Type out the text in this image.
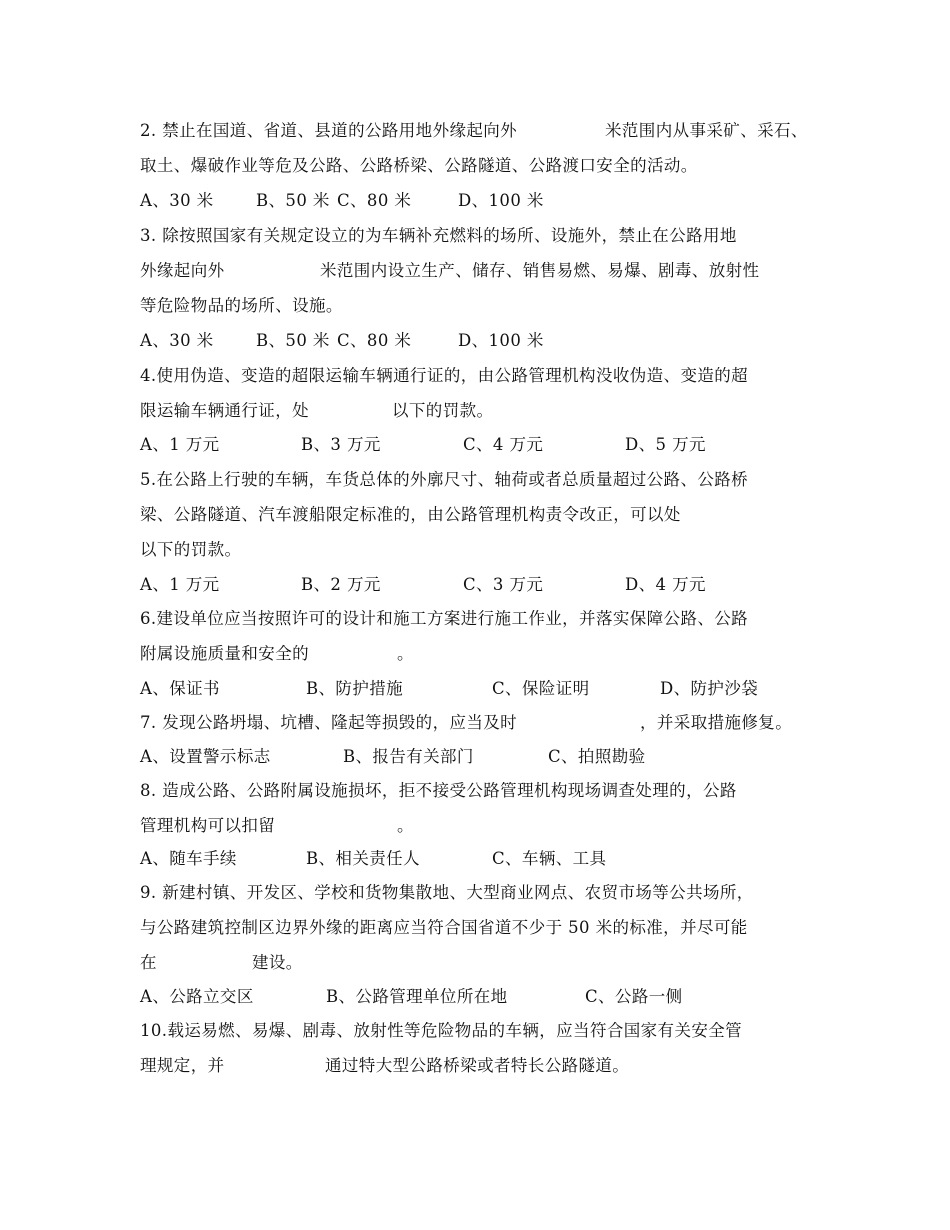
2. 禁止在国道、省道、县道的公路用地外缘起向外

	米范围内从事采矿、采石、

取土、爆破作业等危及公路、公路桥梁、公路隧道、公路渡口安全的活动。

A、30 米

	B、50 米

C、80 米

	D、100 米

3. 除按照国家有关规定设立的为车辆补充燃料的场所、设施外，禁止在公路用地

外缘起向外

	米范围内设立生产、储存、销售易燃、易爆、剧毒、放射性

等危险物品的场所、设施。

A、30 米

	B、50 米

C、80 米

	D、100 米

4.使用伪造、变造的超限运输车辆通行证的，由公路管理机构没收伪造、变造的超

限运输车辆通行证，处

	以下的罚款。

A、1 万元

	B、3 万元

	C、4 万元

	D、5 万元

5.在公路上行驶的车辆，车货总体的外廓尺寸、轴荷或者总质量超过公路、公路桥

梁、公路隧道、汽车渡船限定标准的，由公路管理机构责令改正，可以处

以下的罚款。

A、1 万元

	B、2 万元

	C、3 万元

	D、4 万元

6.建设单位应当按照许可的设计和施工方案进行施工作业，并落实保障公路、公路

附属设施质量和安全的

	。

A、保证书

	B、防护措施

	C、保险证明

	D、防护沙袋

7. 发现公路坍塌、坑槽、隆起等损毁的，应当及时

	，并采取措施修复。

A、设置警示标志

	B、报告有关部门

	C、拍照勘验

8. 造成公路、公路附属设施损坏，拒不接受公路管理机构现场调查处理的，公路

管理机构可以扣留

	。

A、随车手续

	B、相关责任人

	C、车辆、工具

9. 新建村镇、开发区、学校和货物集散地、大型商业网点、农贸市场等公共场所，

与公路建筑控制区边界外缘的距离应当符合国省道不少于 50 米的标准，并尽可能

在

	建设。

A、公路立交区

	B、公路管理单位所在地

	C、公路一侧

10.载运易燃、易爆、剧毒、放射性等危险物品的车辆，应当符合国家有关安全管

理规定，并

	通过特大型公路桥梁或者特长公路隧道。
